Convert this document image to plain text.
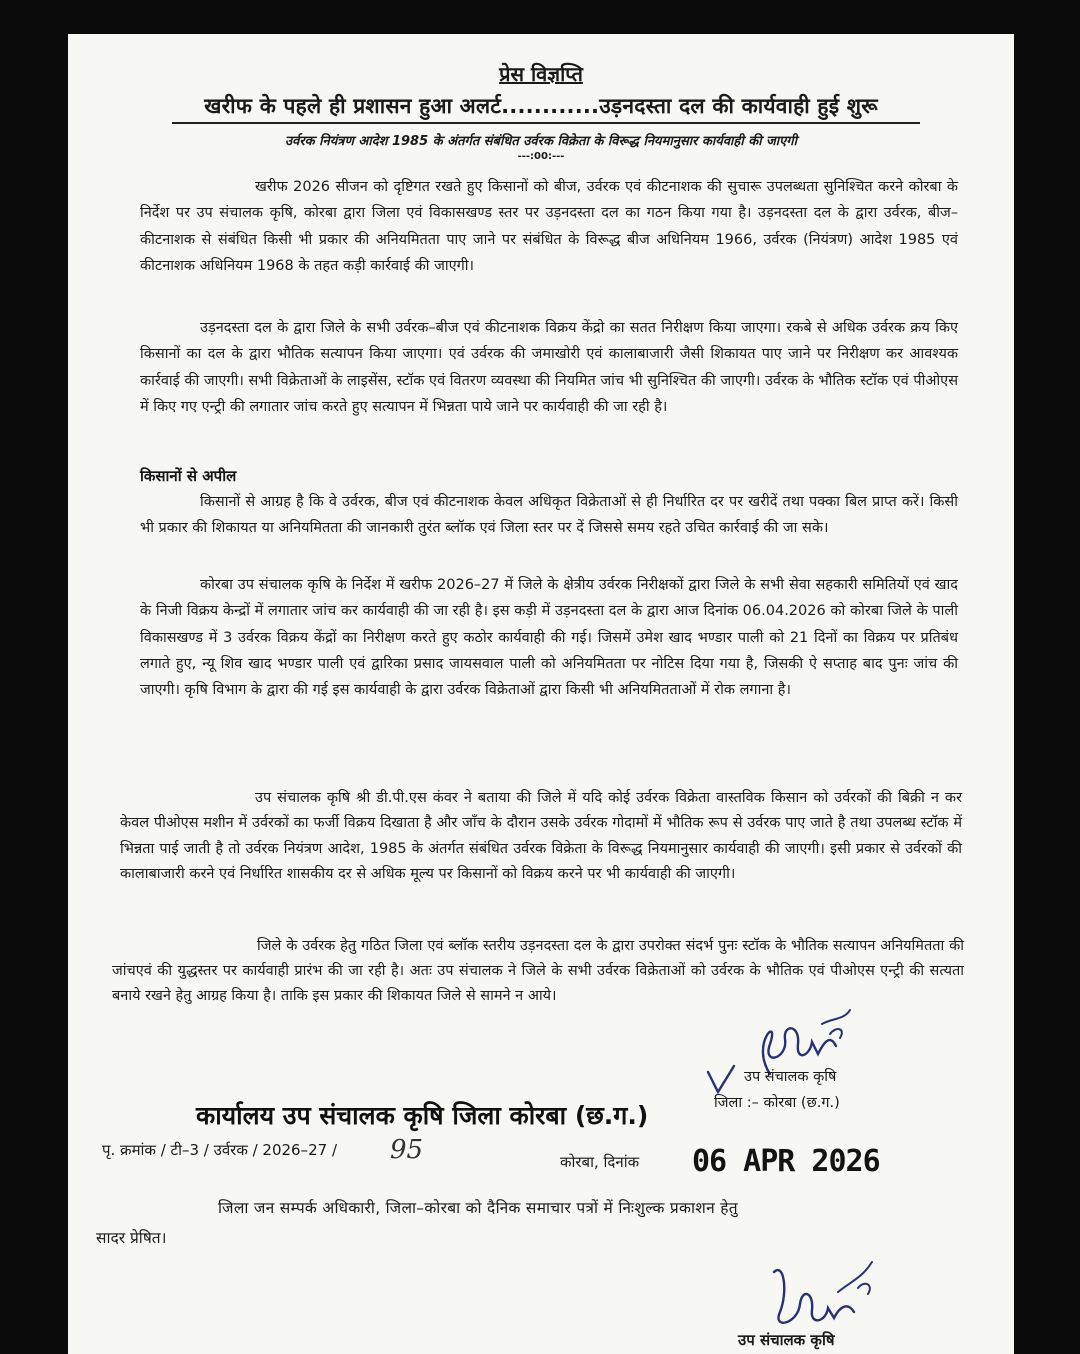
प्रेस विज्ञप्ति
खरीफ के पहले ही प्रशासन हुआ अलर्ट............उड़नदस्ता दल की कार्यवाही हुई शुरू
उर्वरक नियंत्रण आदेश 1985 के अंतर्गत संबंधित उर्वरक विक्रेता के विरूद्ध नियमानुसार कार्यवाही की जाएगी
---:00:---
खरीफ 2026 सीजन को दृष्टिगत रखते हुए किसानों को बीज, उर्वरक एवं कीटनाशक की सुचारू उपलब्धता सुनिश्चित करने कोरबा के निर्देश पर उप संचालक कृषि, कोरबा द्वारा जिला एवं विकासखण्ड स्तर पर उड़नदस्ता दल का गठन किया गया है। उड़नदस्ता दल के द्वारा उर्वरक, बीज–कीटनाशक से संबंधित किसी भी प्रकार की अनियमितता पाए जाने पर संबंधित के विरूद्ध बीज अधिनियम 1966, उर्वरक (नियंत्रण) आदेश 1985 एवं कीटनाशक अधिनियम 1968 के तहत कड़ी कार्रवाई की जाएगी।
उड़नदस्ता दल के द्वारा जिले के सभी उर्वरक–बीज एवं कीटनाशक विक्रय केंद्रो का सतत निरीक्षण किया जाएगा। रकबे से अधिक उर्वरक क्रय किए किसानों का दल के द्वारा भौतिक सत्यापन किया जाएगा। एवं उर्वरक की जमाखोरी एवं कालाबाजारी जैसी शिकायत पाए जाने पर निरीक्षण कर आवश्यक कार्रवाई की जाएगी। सभी विक्रेताओं के लाइसेंस, स्टॉक एवं वितरण व्यवस्था की नियमित जांच भी सुनिश्चित की जाएगी। उर्वरक के भौतिक स्टॉक एवं पीओएस में किए गए एन्ट्री की लगातार जांच करते हुए सत्यापन में भिन्नता पाये जाने पर कार्यवाही की जा रही है।
किसानों से अपील
किसानों से आग्रह है कि वे उर्वरक, बीज एवं कीटनाशक केवल अधिकृत विक्रेताओं से ही निर्धारित दर पर खरीदें तथा पक्का बिल प्राप्त करें। किसी भी प्रकार की शिकायत या अनियमितता की जानकारी तुरंत ब्लॉक एवं जिला स्तर पर दें जिससे समय रहते उचित कार्रवाई की जा सके।
कोरबा उप संचालक कृषि के निर्देश में खरीफ 2026–27 में जिले के क्षेत्रीय उर्वरक निरीक्षकों द्वारा जिले के सभी सेवा सहकारी समितियों एवं खाद के निजी विक्रय केन्द्रों में लगातार जांच कर कार्यवाही की जा रही है। इस कड़ी में उड़नदस्ता दल के द्वारा आज दिनांक 06.04.2026 को कोरबा जिले के पाली विकासखण्ड में 3 उर्वरक विक्रय केंद्रों का निरीक्षण करते हुए कठोर कार्यवाही की गई। जिसमें उमेश खाद भण्डार पाली को 21 दिनों का विक्रय पर प्रतिबंध लगाते हुए, न्यू शिव खाद भण्डार पाली एवं द्वारिका प्रसाद जायसवाल पाली को अनियमितता पर नोटिस दिया गया है, जिसकी ऐ सप्ताह बाद पुनः जांच की जाएगी। कृषि विभाग के द्वारा की गई इस कार्यवाही के द्वारा उर्वरक विक्रेताओं द्वारा किसी भी अनियमितताओं में रोक लगाना है।
उप संचालक कृषि श्री डी.पी.एस कंवर ने बताया की जिले में यदि कोई उर्वरक विक्रेता वास्तविक किसान को उर्वरकों की बिक्री न कर केवल पीओएस मशीन में उर्वरकों का फर्जी विक्रय दिखाता है और जाँच के दौरान उसके उर्वरक गोदामों में भौतिक रूप से उर्वरक पाए जाते है तथा उपलब्ध स्टॉक में भिन्नता पाई जाती है तो उर्वरक नियंत्रण आदेश, 1985 के अंतर्गत संबंधित उर्वरक विक्रेता के विरूद्ध नियमानुसार कार्यवाही की जाएगी। इसी प्रकार से उर्वरकों की कालाबाजारी करने एवं निर्धारित शासकीय दर से अधिक मूल्य पर किसानों को विक्रय करने पर भी कार्यवाही की जाएगी।
जिले के उर्वरक हेतु गठित जिला एवं ब्लॉक स्तरीय उड़नदस्ता दल के द्वारा उपरोक्त संदर्भ पुनः स्टॉक के भौतिक सत्यापन अनियमितता की जांचएवं की युद्धस्तर पर कार्यवाही प्रारंभ की जा रही है। अतः उप संचालक ने जिले के सभी उर्वरक विक्रेताओं को उर्वरक के भौतिक एवं पीओएस एन्ट्री की सत्यता बनाये रखने हेतु आग्रह किया है। ताकि इस प्रकार की शिकायत जिले से सामने न आये।
उप संचालक कृषि
जिला :– कोरबा (छ.ग.)
कार्यालय उप संचालक कृषि जिला कोरबा (छ.ग.)
पृ. क्रमांक / टी–3 / उर्वरक / 2026–27 / 95	कोरबा, दिनांक 06 APR 2026
जिला जन सम्पर्क अधिकारी, जिला–कोरबा को दैनिक समाचार पत्रों में निःशुल्क प्रकाशन हेतु
सादर प्रेषित।
उप संचालक कृषि
